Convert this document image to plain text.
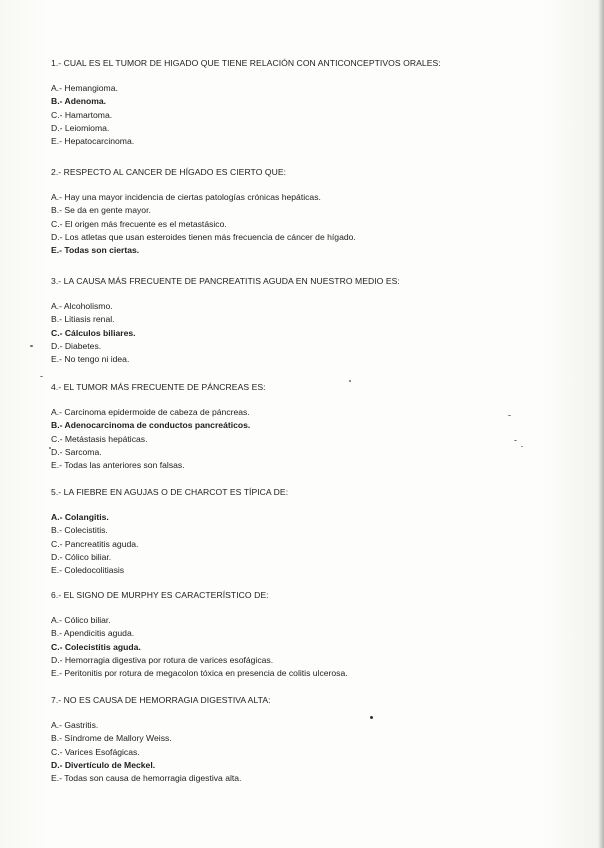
1.- CUAL ES EL TUMOR DE HIGADO QUE TIENE RELACIÓN CON ANTICONCEPTIVOS ORALES:
A.- Hemangioma.
B.- Adenoma.
C.- Hamartoma.
D.- Leiomioma.
E.- Hepatocarcinoma.
2.- RESPECTO AL CANCER DE HÍGADO ES CIERTO QUE:
A.- Hay una mayor incidencia de ciertas patologías crónicas hepáticas.
B.- Se da en gente mayor.
C.- El origen más frecuente es el metastásico.
D.- Los atletas que usan esteroides tienen más frecuencia de cáncer de hígado.
E.- Todas son ciertas.
3.- LA CAUSA MÁS FRECUENTE DE PANCREATITIS AGUDA EN NUESTRO MEDIO ES:
A.- Alcoholismo.
B.- Litiasis renal.
C.- Cálculos biliares.
D.- Diabetes.
E.- No tengo ni idea.
4.- EL TUMOR MÁS FRECUENTE DE PÁNCREAS ES:
A.- Carcinoma epidermoide de cabeza de páncreas.
B.- Adenocarcinoma de conductos pancreáticos.
C.- Metástasis hepáticas.
D.- Sarcoma.
E.- Todas las anteriores son falsas.
5.- LA FIEBRE EN AGUJAS O DE CHARCOT ES TÍPICA DE:
A.- Colangitis.
B.- Colecistitis.
C.- Pancreatitis aguda.
D.- Cólico biliar.
E.- Coledocolitiasis
6.- EL SIGNO DE MURPHY ES CARACTERÍSTICO DE:
A.- Cólico biliar.
B.- Apendicitis aguda.
C.- Colecistitis aguda.
D.- Hemorragia digestiva por rotura de varices esofágicas.
E.- Peritonitis por rotura de megacolon tóxica en presencia de colitis ulcerosa.
7.- NO ES CAUSA DE HEMORRAGIA DIGESTIVA ALTA:
A.- Gastritis.
B.- Síndrome de Mallory Weiss.
C.- Varices Esofágicas.
D.- Divertículo de Meckel.
E.- Todas son causa de hemorragia digestiva alta.
